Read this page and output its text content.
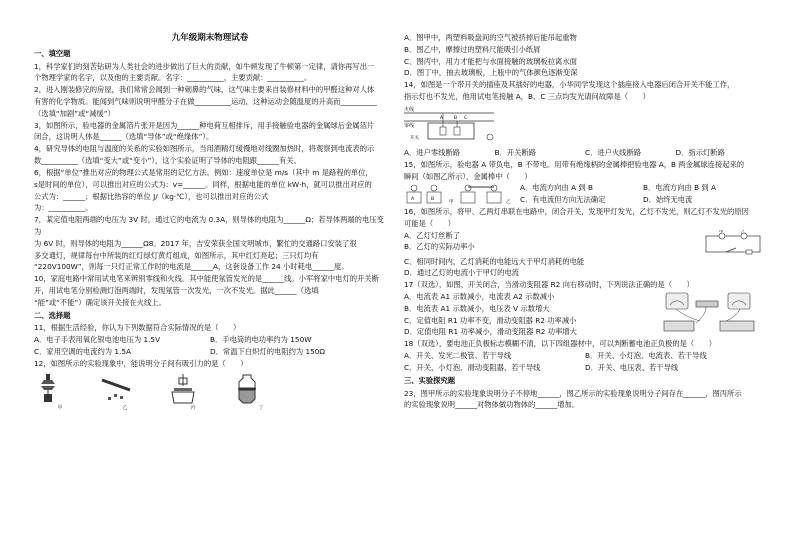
九年级期末物理试卷
一、填空题
1，科学家们的刻苦钻研为人类社会的进步做出了巨大的贡献，如牛顿发现了牛顿第一定律，请你再写出一
个物理学家的名字，以及他的主要贡献。名字：__________，主要贡献：__________。
2，进入刚装修完的房屋，我们常常会闻到一种刺鼻的气味，这气味主要来自装修材料中的甲醛这种对人体
有害的化学物质。能闻到气味则说明甲醛分子在做__________运动，这种运动会随温度的升高而__________
（选填“加剧”或“减缓”）
3，如图所示，验电器的金属箔片张开是因为______种电荷互相排斥，用手接触验电器的金属球后金属箔片
闭合，这说明人体是______（选填“导体”或“绝缘体”）。
4，研究导体的电阻与温度的关系的实验如图所示，当用酒精灯缓慢地对线圈加热时，将观察到电流表的示
数__________（选填“变大”或“变小”），这个实验证明了导体的电阻跟______有关。
6，根据“单位”推出对应的物理公式是常用的记忆方法。例如：速度单位是 m/s（其中 m 是路程的单位，
s是时间的单位），可以推出对应的公式为：v=______。同样，根据电能的单位 kW·h，就可以推出对应的
公式为：______；根据比热容的单位 J/（kg·℃），也可以推出对应的公式
为：__________。
7，某定值电阻两端的电压为 3V 时，通过它的电流为 0.3A，则导体的电阻为______Ω；若导体两端的电压变为
为 6V 时，则导体的电阻为______Ω8。2017 年，吉安荣获全国文明城市，繁忙的交通路口安装了很
多交通灯，规律每台中所装的红灯绿灯黄灯组成，如图所示，其中红灯亮起；三只灯均有
“220V100W”，则每一只灯正常工作时的电流是______A，这套设备工作 24 小时耗电______度。
10，家庭电路中常用试电笔来辨别零线和火线。其中能使氖管发光的是______线。小军将家中电灯的开关断
开，用试电笔分别检测灯泡两端时，发现氖管一次发光，一次不发光。据此______（选填
“能”或“不能”）确定该开关接在火线上。
二、选择题
11，根据生活经验，你认为下列数据符合实际情况的是（　　）
A．电子手表用氧化银电池电压为 1.5V	B．手电筒的电功率约为 150W
C．家用空调的电流约为 1.5A	D．常温下白炽灯的电阻约为 150Ω
12，如图所示的实验现象中，能说明分子间有吸引力的是（　　）
甲	乙	丙	丁
A．图甲中，两塑料吸盘间的空气被挤掉后能吊起重物
B．图乙中，摩擦过的塑料尺能吸引小纸屑
C．图丙中，用力才能把与水面接触的玻璃板拉离水面
D．图丁中，抽去玻璃板，上瓶中的气体颜色逐渐变深
14，如图是一个带开关的插座及其插好的电器，小华同学发现这个插座接入电器后闭合开关不能工作，
指示灯也不发光，他用试电笔接触 A，B、C 三点均发光请问故障是（　　）
火线
零线
A B C
开关
A．进户零线断路	B．开关断路	C．进户火线断路	D．指示灯断路
15，如图所示，验电器 A 带负电，B 不带电。用带有绝缘柄的金属棒把验电器 A，B 两金属球连接起来的
瞬间（如图乙所示），金属棒中（　　）
A	B
甲	乙
A．电流方向由 A 到 B	B．电流方向由 B 到 A
C．有电流但方向无法确定	D．始终无电流
16，如图所示，将甲、乙两灯串联在电路中，闭合开关，发现甲灯发光，乙灯不发光，则乙灯不发光的原因
可能是（　　）
A．乙灯灯丝断了
B．乙灯的实际功率小
甲	乙
C．相同时间内，乙灯消耗的电能远大于甲灯消耗的电能
D．通过乙灯的电流小于甲灯的电流
17（双选），如图，开关闭合，当滑动变阻器 R2 向右移动时，下列说法正确的是（　　）
A．电流表 A1 示数减小，电流表 A2 示数减小
B．电流表 A1 示数减小，电压表 V 示数增大
C．定值电阻 R1 功率不变，滑动变阻器 R2 功率减小
D．定值电阻 R1 功率减小，滑动变阻器 R2 功率增大
18（双选），要电池正负极标志模糊不清，以下四组器材中，可以判断蓄电池正负极的是（　　）
A．开关、发光二极管、若干导线	B．开关、小灯泡、电流表、若干导线
C．开关、小灯泡、滑动变阻器、若干导线	D．开关、电压表、若干导线
三、实验探究题
23，图甲所示的实验现象说明分子不停地______，图乙所示的实验现象说明分子间存在______，图丙所示
的实验现象说明______对物体做功物体的______增加。
